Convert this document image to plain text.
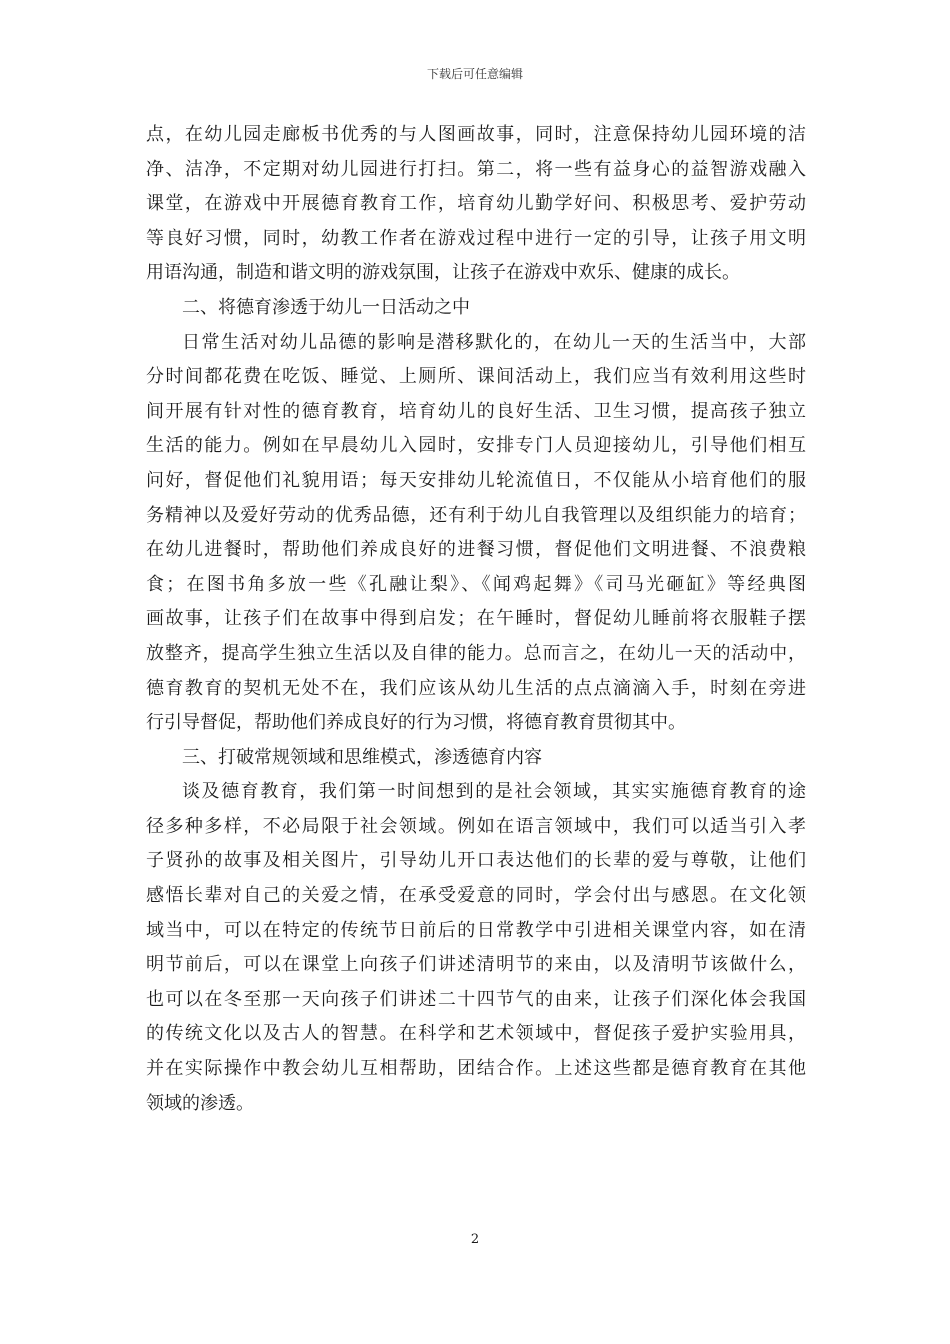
下载后可任意编辑
点，在幼儿园走廊板书优秀的与人图画故事，同时，注意保持幼儿园环境的洁
净、洁净，不定期对幼儿园进行打扫。第二，将一些有益身心的益智游戏融入
课堂，在游戏中开展德育教育工作，培育幼儿勤学好问、积极思考、爱护劳动
等良好习惯，同时，幼教工作者在游戏过程中进行一定的引导，让孩子用文明
用语沟通，制造和谐文明的游戏氛围，让孩子在游戏中欢乐、健康的成长。
二、将德育渗透于幼儿一日活动之中
日常生活对幼儿品德的影响是潜移默化的，在幼儿一天的生活当中，大部
分时间都花费在吃饭、睡觉、上厕所、课间活动上，我们应当有效利用这些时
间开展有针对性的德育教育，培育幼儿的良好生活、卫生习惯，提高孩子独立
生活的能力。例如在早晨幼儿入园时，安排专门人员迎接幼儿，引导他们相互
问好，督促他们礼貌用语；每天安排幼儿轮流值日，不仅能从小培育他们的服
务精神以及爱好劳动的优秀品德，还有利于幼儿自我管理以及组织能力的培育；
在幼儿进餐时，帮助他们养成良好的进餐习惯，督促他们文明进餐、不浪费粮
食；在图书角多放一些《孔融让梨》、《闻鸡起舞》《司马光砸缸》等经典图
画故事，让孩子们在故事中得到启发；在午睡时，督促幼儿睡前将衣服鞋子摆
放整齐，提高学生独立生活以及自律的能力。总而言之，在幼儿一天的活动中，
德育教育的契机无处不在，我们应该从幼儿生活的点点滴滴入手，时刻在旁进
行引导督促，帮助他们养成良好的行为习惯，将德育教育贯彻其中。
三、打破常规领域和思维模式，渗透德育内容
谈及德育教育，我们第一时间想到的是社会领域，其实实施德育教育的途
径多种多样，不必局限于社会领域。例如在语言领域中，我们可以适当引入孝
子贤孙的故事及相关图片，引导幼儿开口表达他们的长辈的爱与尊敬，让他们
感悟长辈对自己的关爱之情，在承受爱意的同时，学会付出与感恩。在文化领
域当中，可以在特定的传统节日前后的日常教学中引进相关课堂内容，如在清
明节前后，可以在课堂上向孩子们讲述清明节的来由，以及清明节该做什么，
也可以在冬至那一天向孩子们讲述二十四节气的由来，让孩子们深化体会我国
的传统文化以及古人的智慧。在科学和艺术领域中，督促孩子爱护实验用具，
并在实际操作中教会幼儿互相帮助，团结合作。上述这些都是德育教育在其他
领域的渗透。
2
